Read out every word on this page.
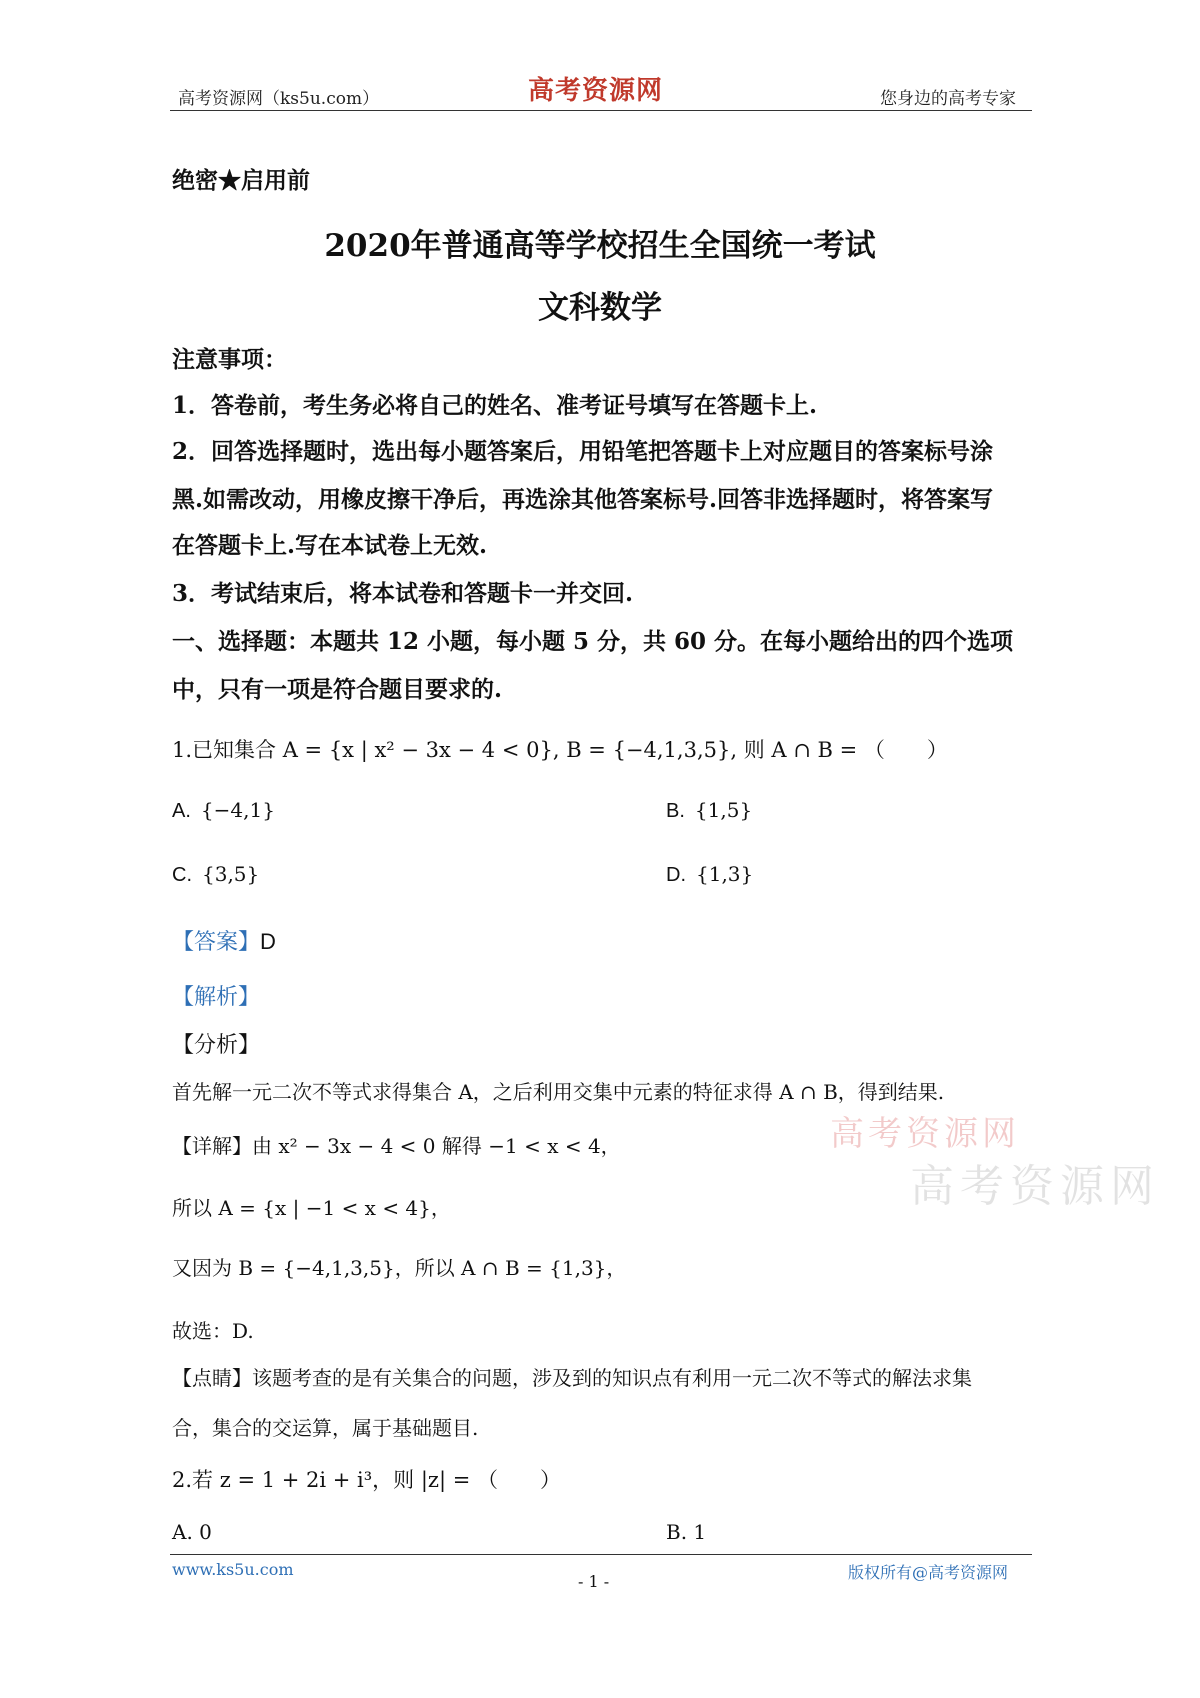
高考资源网（ks5u.com）	高考资源网	您身边的高考专家
绝密★启用前
2020年普通高等学校招生全国统一考试
文科数学
注意事项：
1．答卷前，考生务必将自己的姓名、准考证号填写在答题卡上.
2．回答选择题时，选出每小题答案后，用铅笔把答题卡上对应题目的答案标号涂
黑.如需改动，用橡皮擦干净后，再选涂其他答案标号.回答非选择题时，将答案写
在答题卡上.写在本试卷上无效.
3．考试结束后，将本试卷和答题卡一并交回.
一、选择题：本题共 12 小题，每小题 5 分，共 60 分。在每小题给出的四个选项
中，只有一项是符合题目要求的.
1.已知集合 A = {x | x² − 3x − 4 < 0}, B = {−4,1,3,5}, 则 A ∩ B = （　　）
A. {−4,1}	B. {1,5}
C. {3,5}	D. {1,3}
【答案】D
【解析】
【分析】
首先解一元二次不等式求得集合 A，之后利用交集中元素的特征求得 A ∩ B，得到结果.
【详解】由 x² − 3x − 4 < 0 解得 −1 < x < 4，
所以 A = {x | −1 < x < 4}，
又因为 B = {−4,1,3,5}，所以 A ∩ B = {1,3}，
故选：D.
【点睛】该题考查的是有关集合的问题，涉及到的知识点有利用一元二次不等式的解法求集
合，集合的交运算，属于基础题目.
2.若 z = 1 + 2i + i³，则 |z| = （　　）
A. 0	B. 1
高考资源网
高考资源网
www.ks5u.com
- 1 -	版权所有@高考资源网
